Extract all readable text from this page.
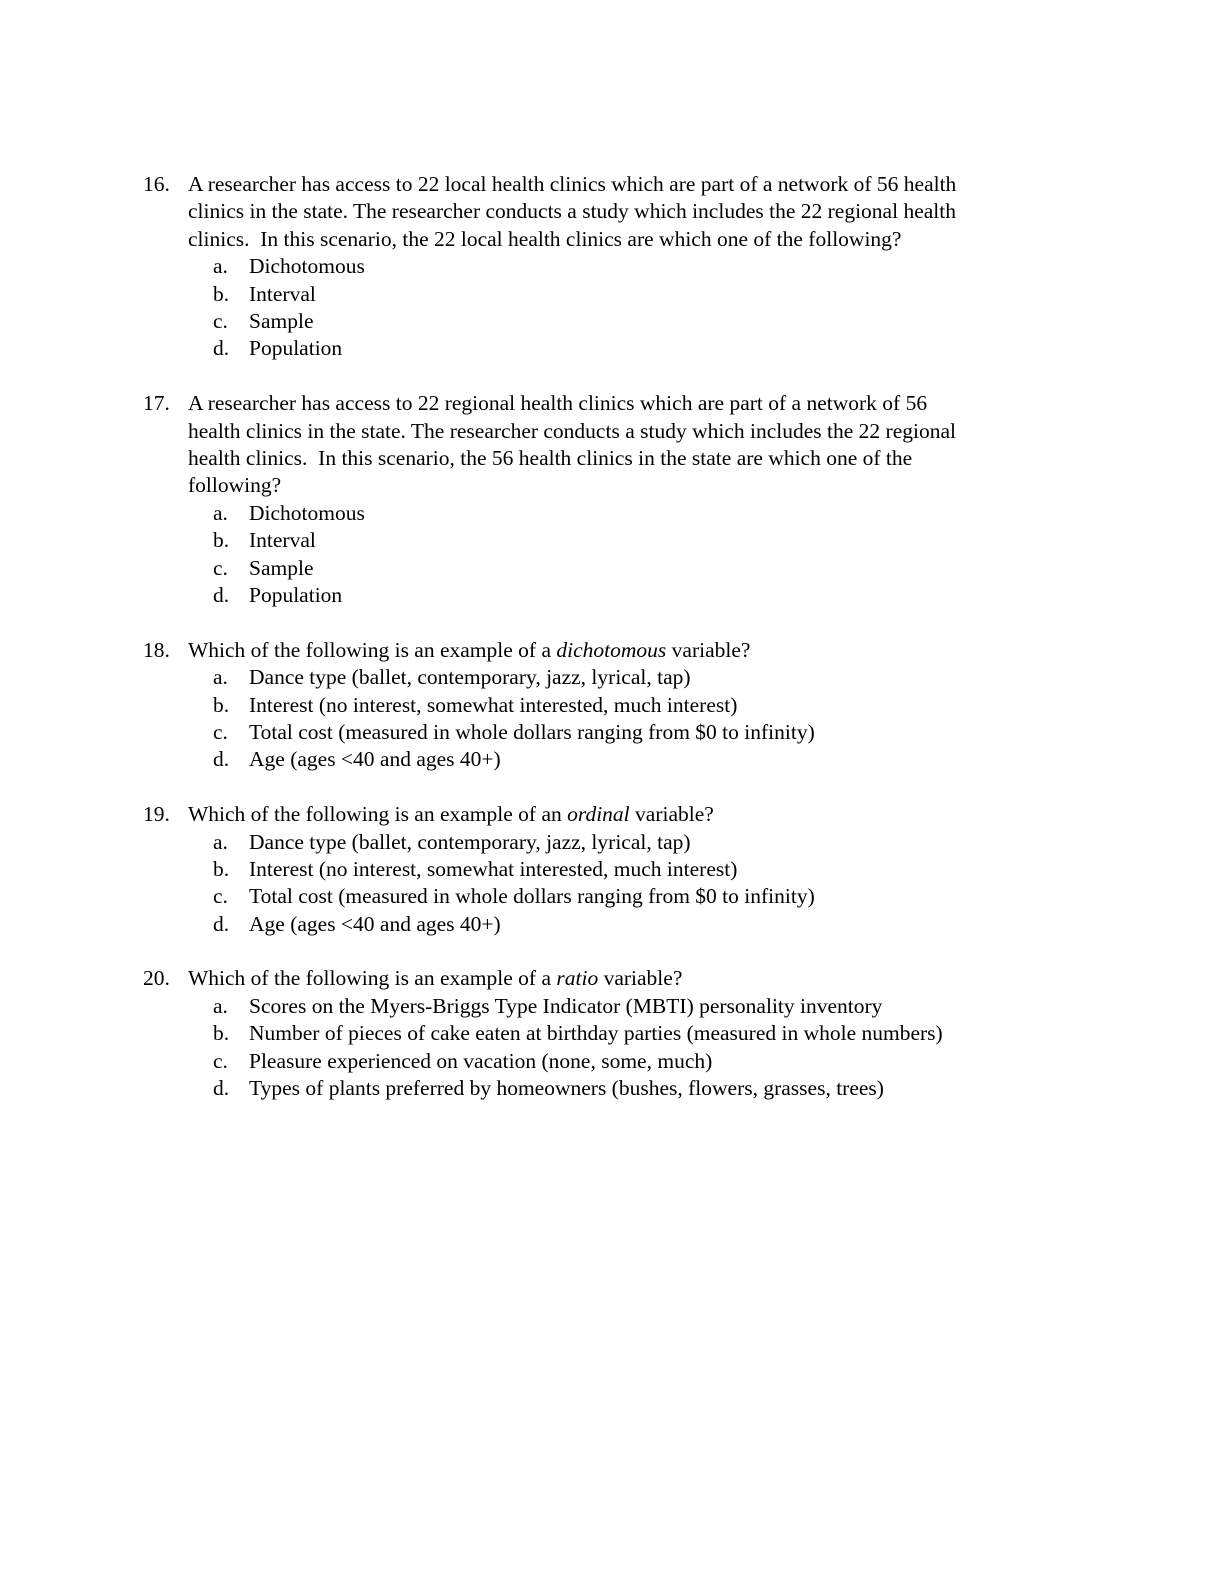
16. A researcher has access to 22 local health clinics which are part of a network of 56 health
clinics in the state. The researcher conducts a study which includes the 22 regional health
clinics.  In this scenario, the 22 local health clinics are which one of the following?
a. Dichotomous
b. Interval
c. Sample
d. Population
17. A researcher has access to 22 regional health clinics which are part of a network of 56
health clinics in the state. The researcher conducts a study which includes the 22 regional
health clinics.  In this scenario, the 56 health clinics in the state are which one of the
following?
a. Dichotomous
b. Interval
c. Sample
d. Population
18. Which of the following is an example of a dichotomous variable?
a. Dance type (ballet, contemporary, jazz, lyrical, tap)
b. Interest (no interest, somewhat interested, much interest)
c. Total cost (measured in whole dollars ranging from $0 to infinity)
d. Age (ages <40 and ages 40+)
19. Which of the following is an example of an ordinal variable?
a. Dance type (ballet, contemporary, jazz, lyrical, tap)
b. Interest (no interest, somewhat interested, much interest)
c. Total cost (measured in whole dollars ranging from $0 to infinity)
d. Age (ages <40 and ages 40+)
20. Which of the following is an example of a ratio variable?
a. Scores on the Myers-Briggs Type Indicator (MBTI) personality inventory
b. Number of pieces of cake eaten at birthday parties (measured in whole numbers)
c. Pleasure experienced on vacation (none, some, much)
d. Types of plants preferred by homeowners (bushes, flowers, grasses, trees)
